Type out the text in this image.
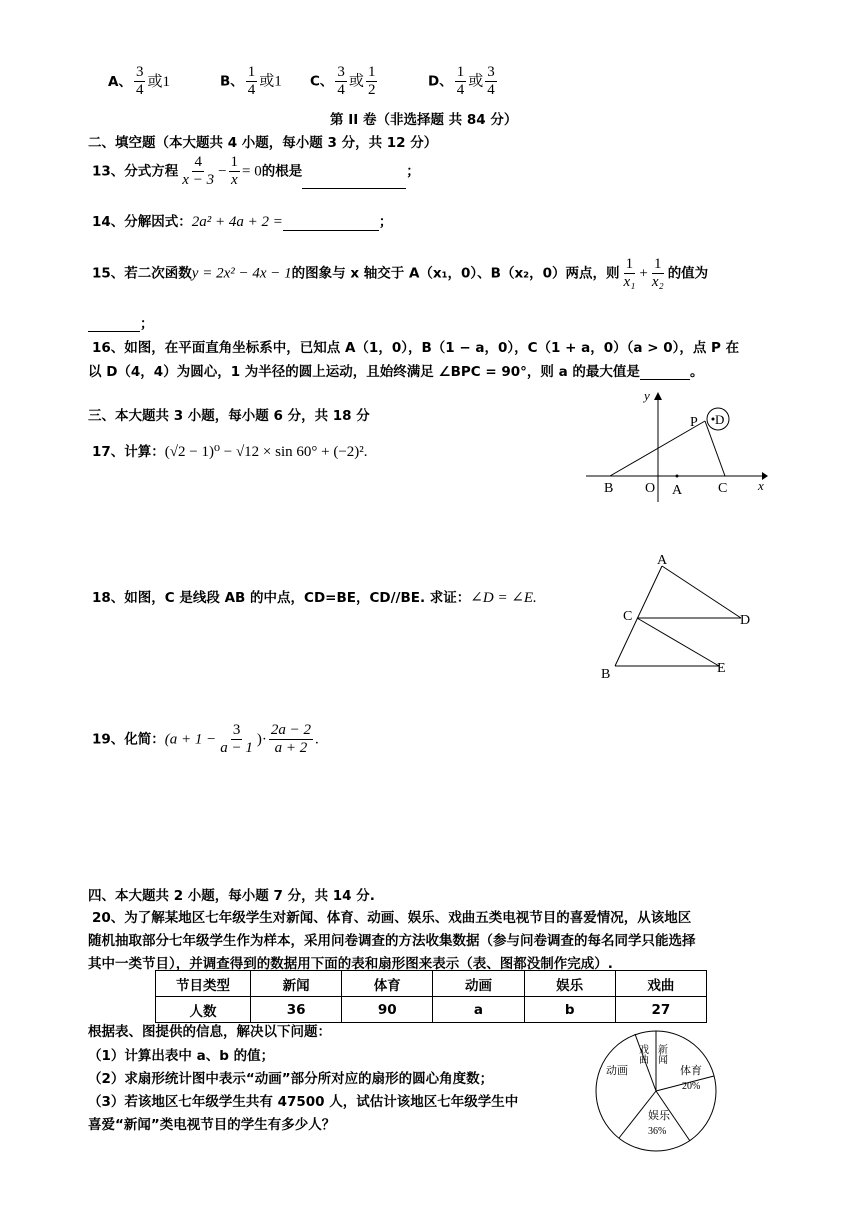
A、 $\frac{3}{4}$ 或1	B、 $\frac{1}{4}$ 或1 C、 $\frac{3}{4}$ 或 $\frac{1}{2}$	D、 $\frac{1}{4}$ 或 $\frac{3}{4}$
第 II 卷（非选择题 共 84 分）
二、填空题（本大题共 4 小题，每小题 3 分，共 12 分）
13、分式方程 $\frac{4}{x - 3} - \frac{1}{x} = 0$的根是	；
14、分解因式：2a² + 4a + 2 =	；
15、若二次函数y = 2x² − 4x − 1的图象与 x 轴交于 A（x₁，0）、B（x₂，0）两点，则 $\frac{1}{\text{x₁}} + \frac{1}{\text{x₂}}$ 的值为
；
16、如图，在平面直角坐标系中，已知点 A（1，0），B（1 − a，0），C（1 + a，0）（a > 0），点 P 在
以 D（4，4）为圆心，1 为半径的圆上运动，且始终满足 ∠BPC = 90°，则 a 的最大值是	。
三、本大题共 3 小题，每小题 6 分，共 18 分
17、计算：(√2 − 1)⁰ − √12 × sin 60° + (−2)².
y
x
P D
B O A	C
18、如图，C 是线段 AB 的中点，CD=BE，CD//BE. 求证：∠D = ∠E.
A
C	D
B	E
19、化简：($a + 1 - \frac{3}{a - 1}$ )· $\frac{2a - 2}{a + 2}$ .
四、本大题共 2 小题，每小题 7 分，共 14 分.
20、为了解某地区七年级学生对新闻、体育、动画、娱乐、戏曲五类电视节目的喜爱情况，从该地区
随机抽取部分七年级学生作为样本，采用问卷调查的方法收集数据（参与问卷调查的每名同学只能选择
其中一类节目），并调查得到的数据用下面的表和扇形图来表示（表、图都没制作完成）.
节目类型	新闻	体育	动画	娱乐	戏曲
人数	36	90	a	b	27
根据表、图提供的信息，解决以下问题：
（1）计算出表中 a、b 的值；
（2）求扇形统计图中表示“动画”部分所对应的扇形的圆心角度数；
（3）若该地区七年级学生共有 47500 人，试估计该地区七年级学生中
喜爱“新闻”类电视节目的学生有多少人？
戏曲 新闻
体育
20%
娱乐
36%
动画
